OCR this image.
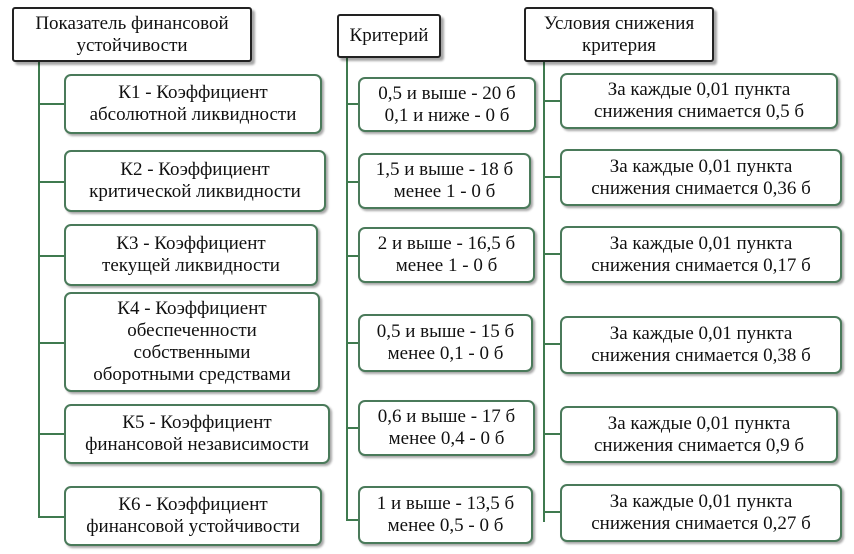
Показатель финансовой
устойчивости	Критерий
Условия снижения
критерия
К1 - Коэффициент
абсолютной ликвидности
К2 - Коэффициент
критической ликвидности
К3 - Коэффициент
текущей ликвидности
К4 - Коэффициент
обеспеченности
собственными
оборотными средствами
К5 - Коэффициент
финансовой независимости
К6 - Коэффициент
финансовой устойчивости
0,5 и выше - 20 б
0,1 и ниже - 0 б
1,5 и выше - 18 б
менее 1 - 0 б
2 и выше - 16,5 б
менее 1 - 0 б
0,5 и выше - 15 б
менее 0,1 - 0 б
0,6 и выше - 17 б
менее 0,4 - 0 б
1 и выше - 13,5 б
менее 0,5 - 0 б
За каждые 0,01 пункта
снижения снимается 0,5 б
За каждые 0,01 пункта
снижения снимается 0,36 б
За каждые 0,01 пункта
снижения снимается 0,17 б
За каждые 0,01 пункта
снижения снимается 0,38 б
За каждые 0,01 пункта
снижения снимается 0,9 б
За каждые 0,01 пункта
снижения снимается 0,27 б
